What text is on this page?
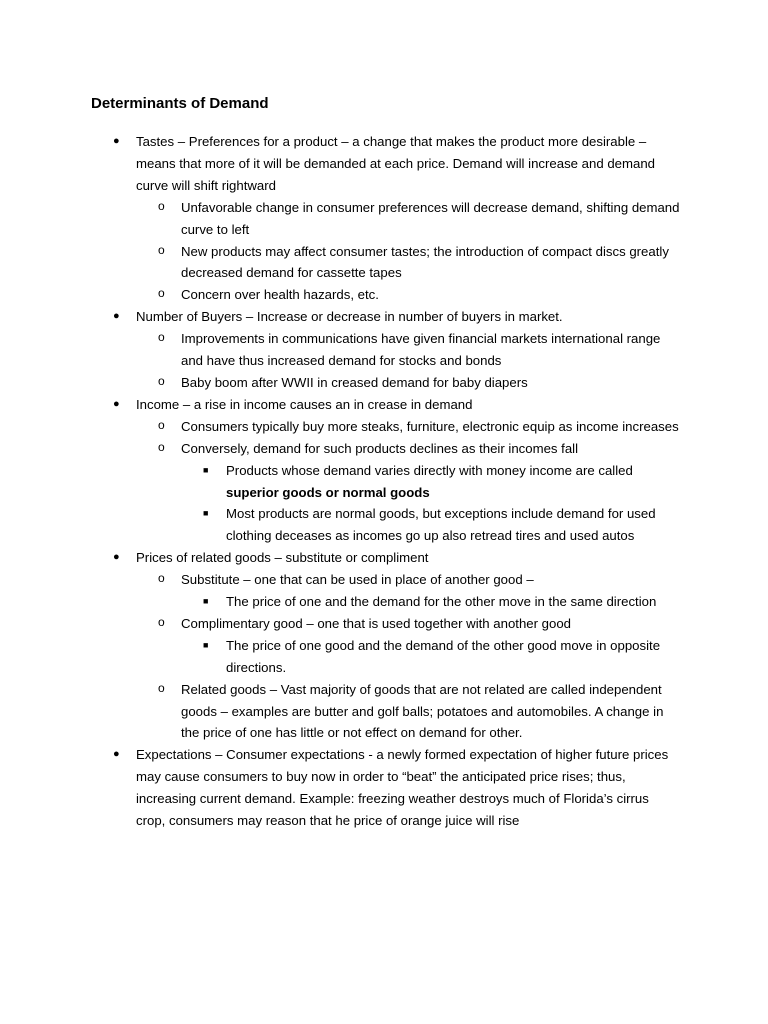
Determinants of Demand
● Tastes – Preferences for a product – a change that makes the product more desirable – means that more of it will be demanded at each price. Demand will increase and demand curve will shift rightward
o Unfavorable change in consumer preferences will decrease demand, shifting demand curve to left
o New products may affect consumer tastes; the introduction of compact discs greatly decreased demand for cassette tapes
o Concern over health hazards, etc.
● Number of Buyers – Increase or decrease in number of buyers in market.
o Improvements in communications have given financial markets international range and have thus increased demand for stocks and bonds
o Baby boom after WWII in creased demand for baby diapers
● Income – a rise in income causes an in crease in demand
o Consumers typically buy more steaks, furniture, electronic equip as income increases
o Conversely, demand for such products declines as their incomes fall
■ Products whose demand varies directly with money income are called superior goods or normal goods
■ Most products are normal goods, but exceptions include demand for used clothing deceases as incomes go up also retread tires and used autos
● Prices of related goods – substitute or compliment
o Substitute – one that can be used in place of another good –
■ The price of one and the demand for the other move in the same direction
o Complimentary good – one that is used together with another good
■ The price of one good and the demand of the other good move in opposite directions.
o Related goods – Vast majority of goods that are not related are called independent goods – examples are butter and golf balls; potatoes and automobiles. A change in the price of one has little or not effect on demand for other.
● Expectations – Consumer expectations - a newly formed expectation of higher future prices may cause consumers to buy now in order to “beat” the anticipated price rises; thus, increasing current demand. Example: freezing weather destroys much of Florida’s cirrus crop, consumers may reason that he price of orange juice will rise
